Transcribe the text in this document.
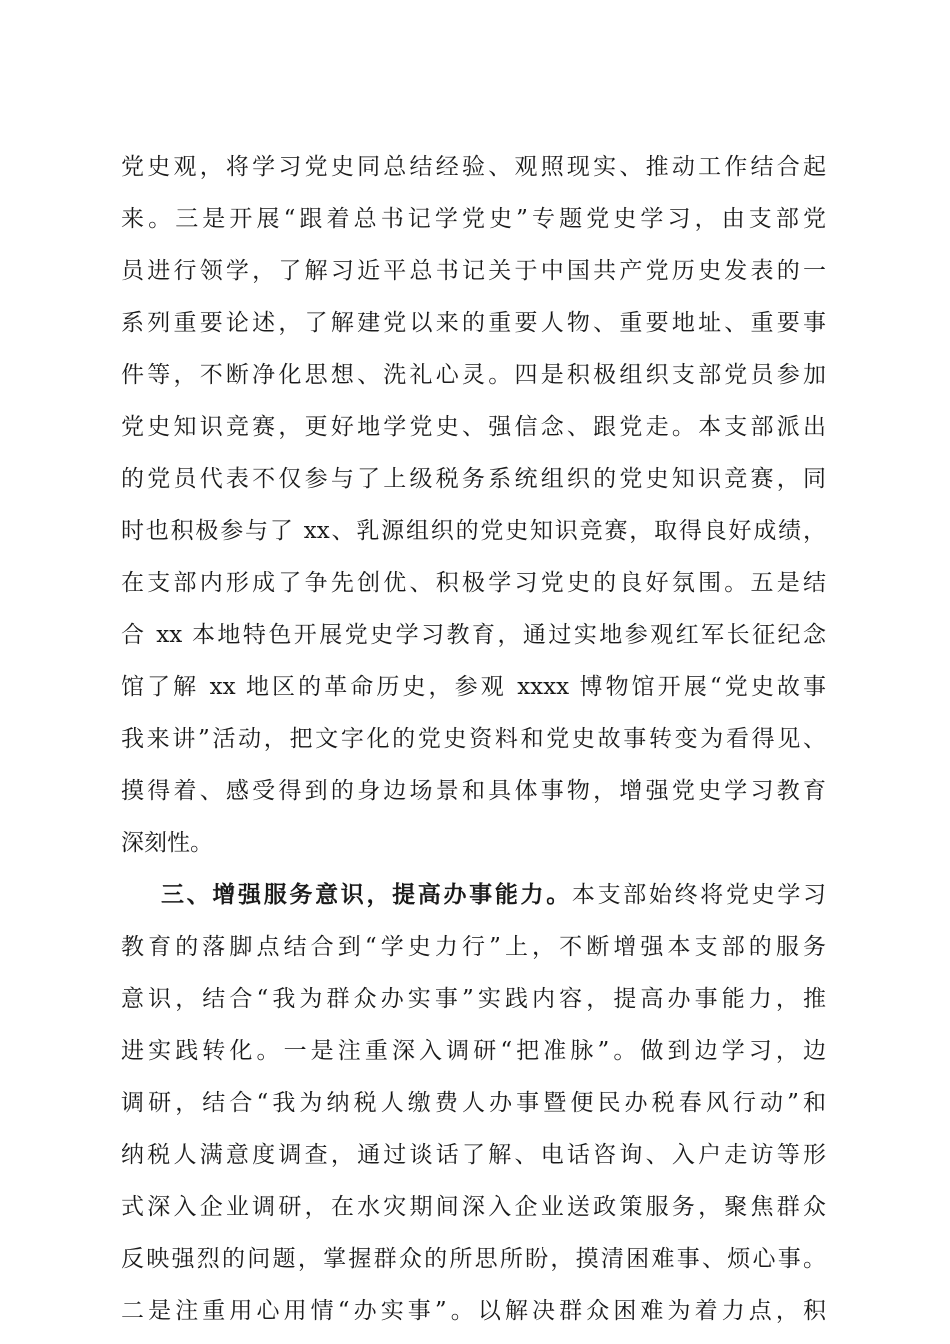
党史观，将学习党史同总结经验、观照现实、推动工作结合起
来。三是开展“跟着总书记学党史”专题党史学习，由支部党
员进行领学，了解习近平总书记关于中国共产党历史发表的一
系列重要论述，了解建党以来的重要人物、重要地址、重要事
件等，不断净化思想、洗礼心灵。四是积极组织支部党员参加
党史知识竞赛，更好地学党史、强信念、跟党走。本支部派出
的党员代表不仅参与了上级税务系统组织的党史知识竞赛，同
时也积极参与了 xx、乳源组织的党史知识竞赛，取得良好成绩，
在支部内形成了争先创优、积极学习党史的良好氛围。五是结
合 xx 本地特色开展党史学习教育，通过实地参观红军长征纪念
馆了解 xx 地区的革命历史，参观 xxxx 博物馆开展“党史故事
我来讲”活动，把文字化的党史资料和党史故事转变为看得见、
摸得着、感受得到的身边场景和具体事物，增强党史学习教育
深刻性。
三、增强服务意识，提高办事能力。本支部始终将党史学习
教育的落脚点结合到“学史力行”上，不断增强本支部的服务
意识，结合“我为群众办实事”实践内容，提高办事能力，推
进实践转化。一是注重深入调研“把准脉”。做到边学习，边
调研，结合“我为纳税人缴费人办事暨便民办税春风行动”和
纳税人满意度调查，通过谈话了解、电话咨询、入户走访等形
式深入企业调研，在水灾期间深入企业送政策服务，聚焦群众
反映强烈的问题，掌握群众的所思所盼，摸清困难事、烦心事。
二是注重用心用情“办实事”。以解决群众困难为着力点，积
